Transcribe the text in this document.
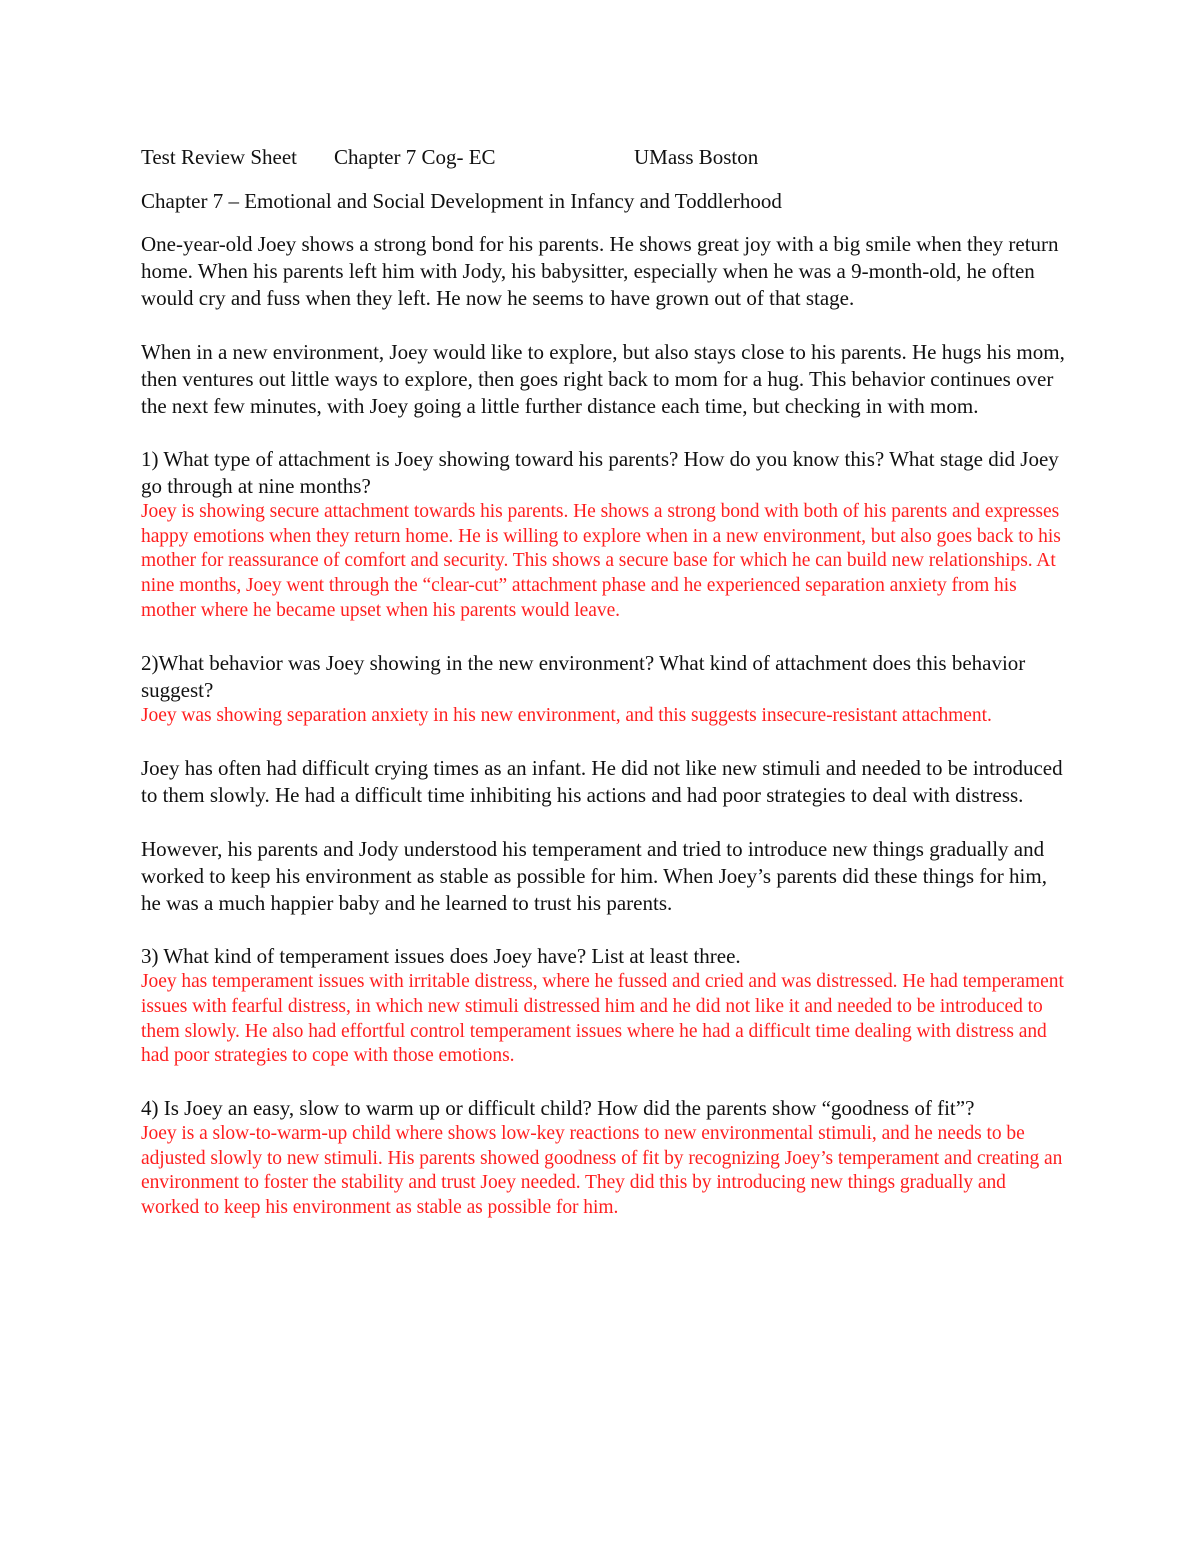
Test Review Sheet Chapter 7 Cog- EC	UMass Boston
Chapter 7 – Emotional and Social Development in Infancy and Toddlerhood

One-year-old Joey shows a strong bond for his parents. He shows great joy with a big smile when they return home. When his parents left him with Jody, his babysitter, especially when he was a 9-month-old, he often would cry and fuss when they left. He now he seems to have grown out of that stage.

When in a new environment, Joey would like to explore, but also stays close to his parents. He hugs his mom, then ventures out little ways to explore, then goes right back to mom for a hug. This behavior continues over the next few minutes, with Joey going a little further distance each time, but checking in with mom.

1) What type of attachment is Joey showing toward his parents? How do you know this? What stage did Joey go through at nine months?

Joey is showing secure attachment towards his parents. He shows a strong bond with both of his parents and expresses happy emotions when they return home. He is willing to explore when in a new environment, but also goes back to his mother for reassurance of comfort and security. This shows a secure base for which he can build new relationships. At nine months, Joey went through the “clear-cut” attachment phase and he experienced separation anxiety from his mother where he became upset when his parents would leave.

2)What behavior was Joey showing in the new environment? What kind of attachment does this behavior suggest?

Joey was showing separation anxiety in his new environment, and this suggests insecure-resistant attachment.

Joey has often had difficult crying times as an infant. He did not like new stimuli and needed to be introduced to them slowly. He had a difficult time inhibiting his actions and had poor strategies to deal with distress.

However, his parents and Jody understood his temperament and tried to introduce new things gradually and worked to keep his environment as stable as possible for him. When Joey’s parents did these things for him, he was a much happier baby and he learned to trust his parents.

3) What kind of temperament issues does Joey have? List at least three.

Joey has temperament issues with irritable distress, where he fussed and cried and was distressed. He had temperament issues with fearful distress, in which new stimuli distressed him and he did not like it and needed to be introduced to them slowly. He also had effortful control temperament issues where he had a difficult time dealing with distress and had poor strategies to cope with those emotions.

4) Is Joey an easy, slow to warm up or difficult child? How did the parents show “goodness of fit”?

Joey is a slow-to-warm-up child where shows low-key reactions to new environmental stimuli, and he needs to be adjusted slowly to new stimuli. His parents showed goodness of fit by recognizing Joey’s temperament and creating an environment to foster the stability and trust Joey needed. They did this by introducing new things gradually and worked to keep his environment as stable as possible for him.
